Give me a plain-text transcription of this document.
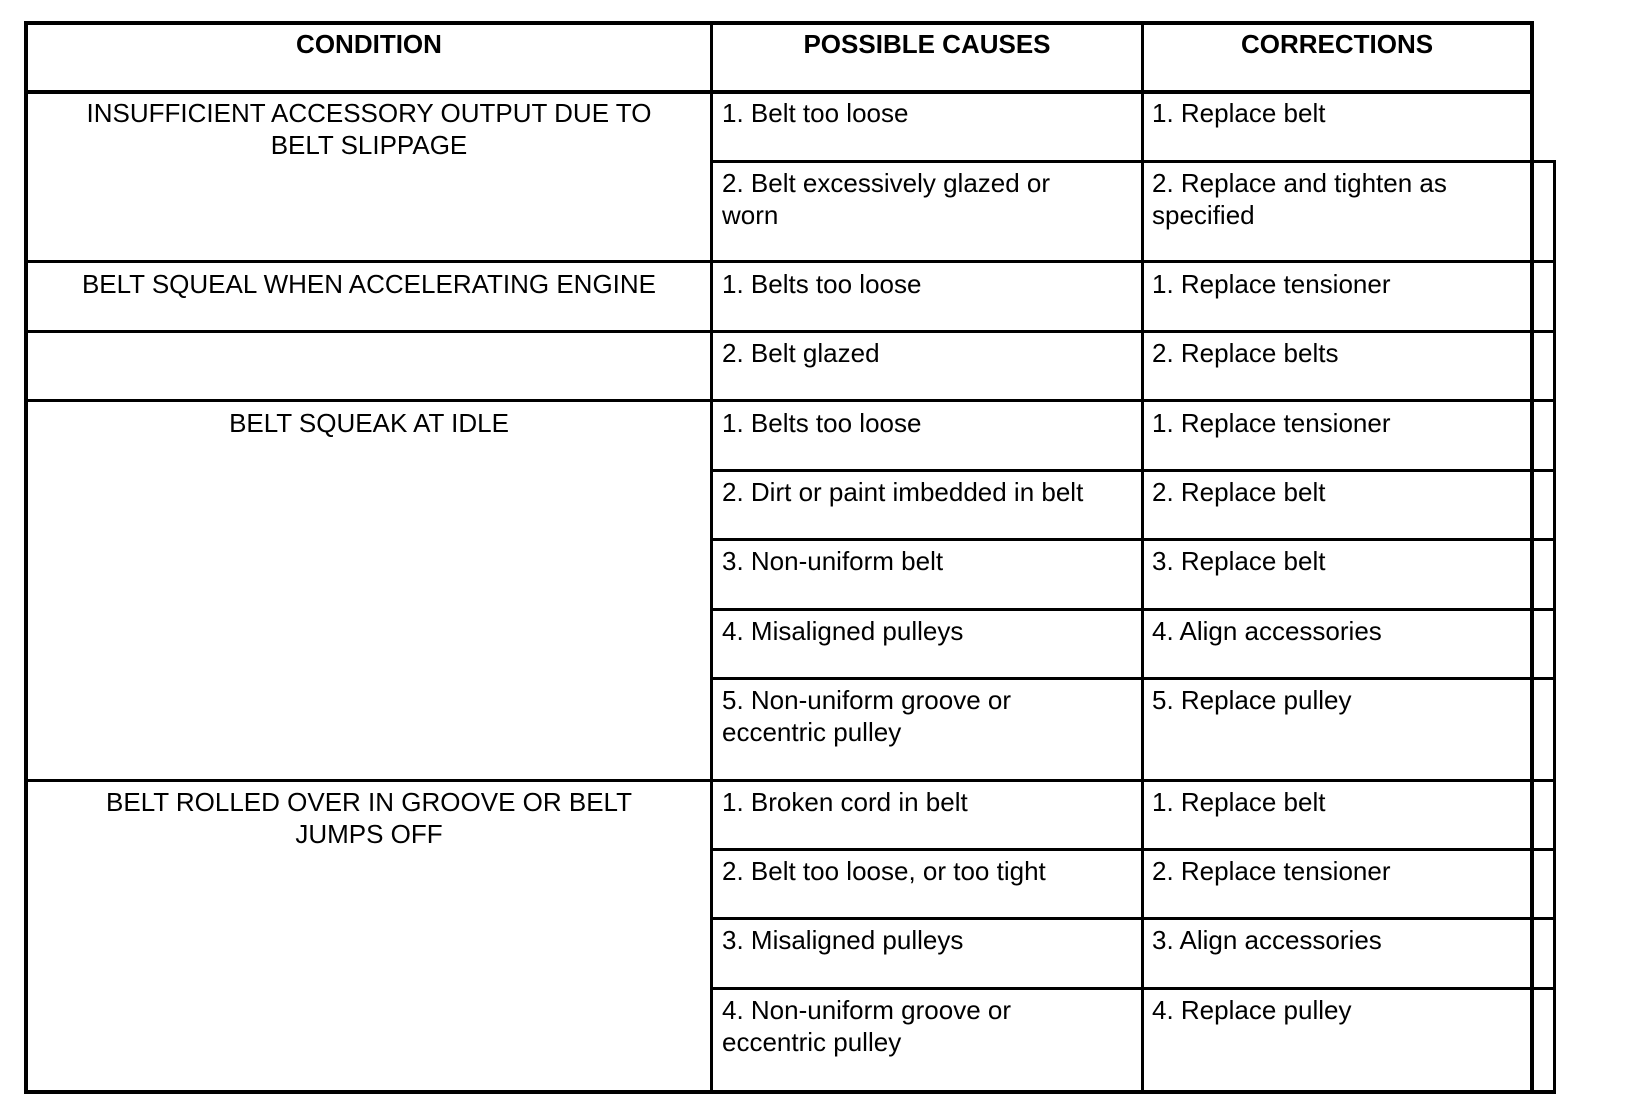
CONDITION	POSSIBLE CAUSES	CORRECTIONS
INSUFFICIENT ACCESSORY OUTPUT DUE TO
BELT SLIPPAGE
BELT SQUEAL WHEN ACCELERATING ENGINE
BELT SQUEAK AT IDLE
BELT ROLLED OVER IN GROOVE OR BELT
JUMPS OFF
1. Belt too loose
2. Belt excessively glazed or
worn
1. Belts too loose
2. Belt glazed
1. Belts too loose
2. Dirt or paint imbedded in belt
3. Non-uniform belt
4. Misaligned pulleys
5. Non-uniform groove or
eccentric pulley
1. Broken cord in belt
2. Belt too loose, or too tight
3. Misaligned pulleys
4. Non-uniform groove or
eccentric pulley
1. Replace belt
2. Replace and tighten as
specified
1. Replace tensioner
2. Replace belts
1. Replace tensioner
2. Replace belt
3. Replace belt
4. Align accessories
5. Replace pulley
1. Replace belt
2. Replace tensioner
3. Align accessories
4. Replace pulley
